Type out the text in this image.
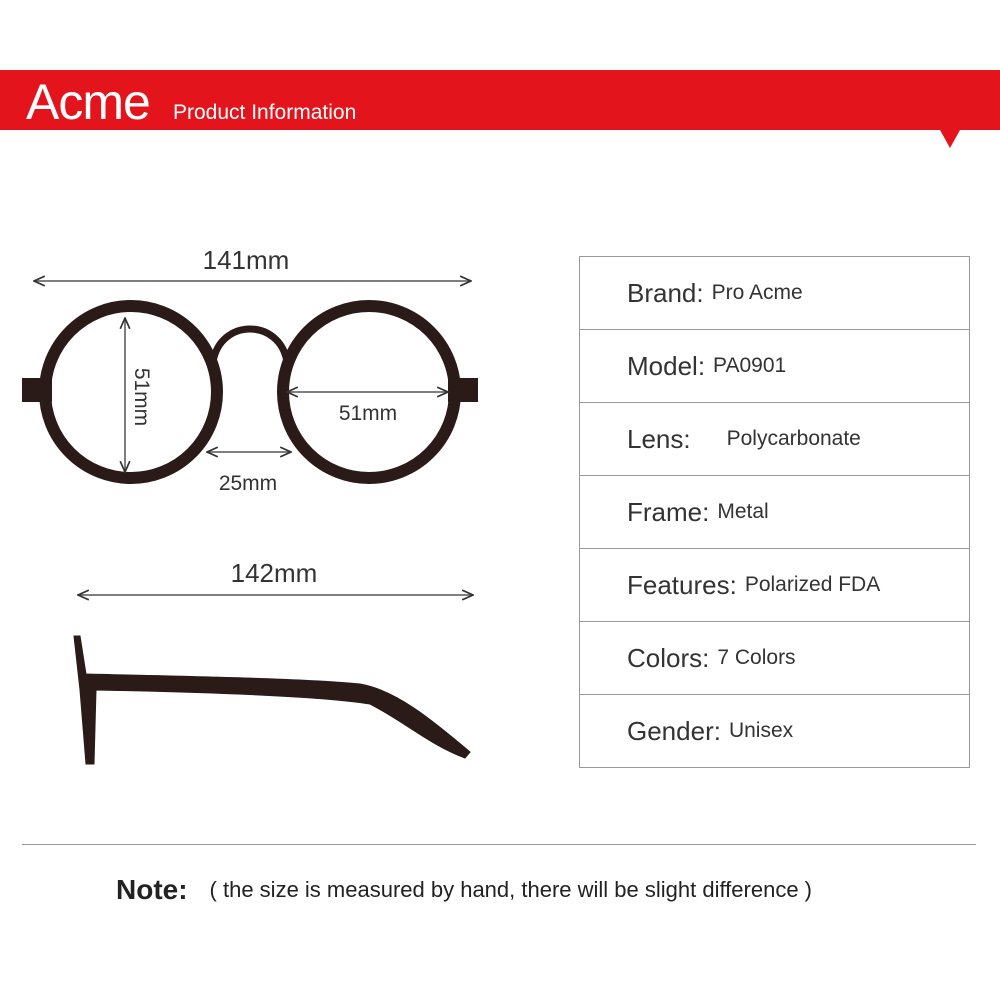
Acme Product Information
141mm
51mm	51mm
25mm
142mm
Brand: Pro Acme
Model: PA0901
Lens: Polycarbonate
Frame: Metal
Features: Polarized FDA
Colors: 7 Colors
Gender: Unisex
Note: ( the size is measured by hand, there will be slight difference )
